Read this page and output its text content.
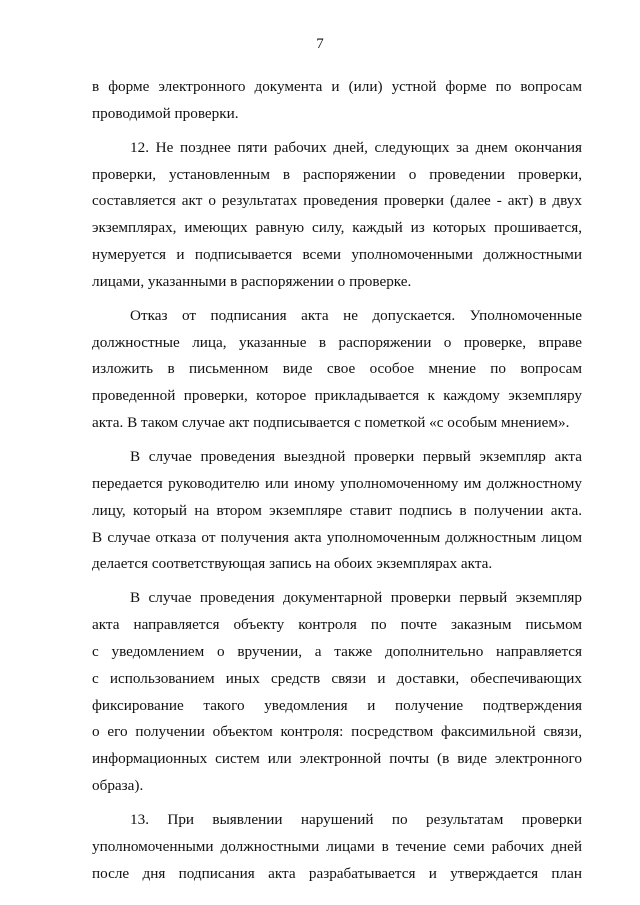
7

в форме электронного документа и (или) устной форме по вопросам
проводимой проверки.

12. Не позднее пяти рабочих дней, следующих за днем окончания
проверки, установленным в распоряжении о проведении проверки,
составляется акт о результатах проведения проверки (далее - акт) в двух
экземплярах, имеющих равную силу, каждый из которых прошивается,
нумеруется и подписывается всеми уполномоченными должностными
лицами, указанными в распоряжении о проверке.

Отказ от подписания акта не допускается. Уполномоченные
должностные лица, указанные в распоряжении о проверке, вправе
изложить в письменном виде свое особое мнение по вопросам
проведенной проверки, которое прикладывается к каждому экземпляру
акта. В таком случае акт подписывается с пометкой «с особым мнением».

В случае проведения выездной проверки первый экземпляр акта
передается руководителю или иному уполномоченному им должностному
лицу, который на втором экземпляре ставит подпись в получении акта.
В случае отказа от получения акта уполномоченным должностным лицом
делается соответствующая запись на обоих экземплярах акта.

В случае проведения документарной проверки первый экземпляр
акта направляется объекту контроля по почте заказным письмом
с уведомлением о вручении, а также дополнительно направляется
с использованием иных средств связи и доставки, обеспечивающих
фиксирование такого уведомления и получение подтверждения
о его получении объектом контроля: посредством факсимильной связи,
информационных систем или электронной почты (в виде электронного
образа).

13. При выявлении нарушений по результатам проверки
уполномоченными должностными лицами в течение семи рабочих дней
после дня подписания акта разрабатывается и утверждается план
